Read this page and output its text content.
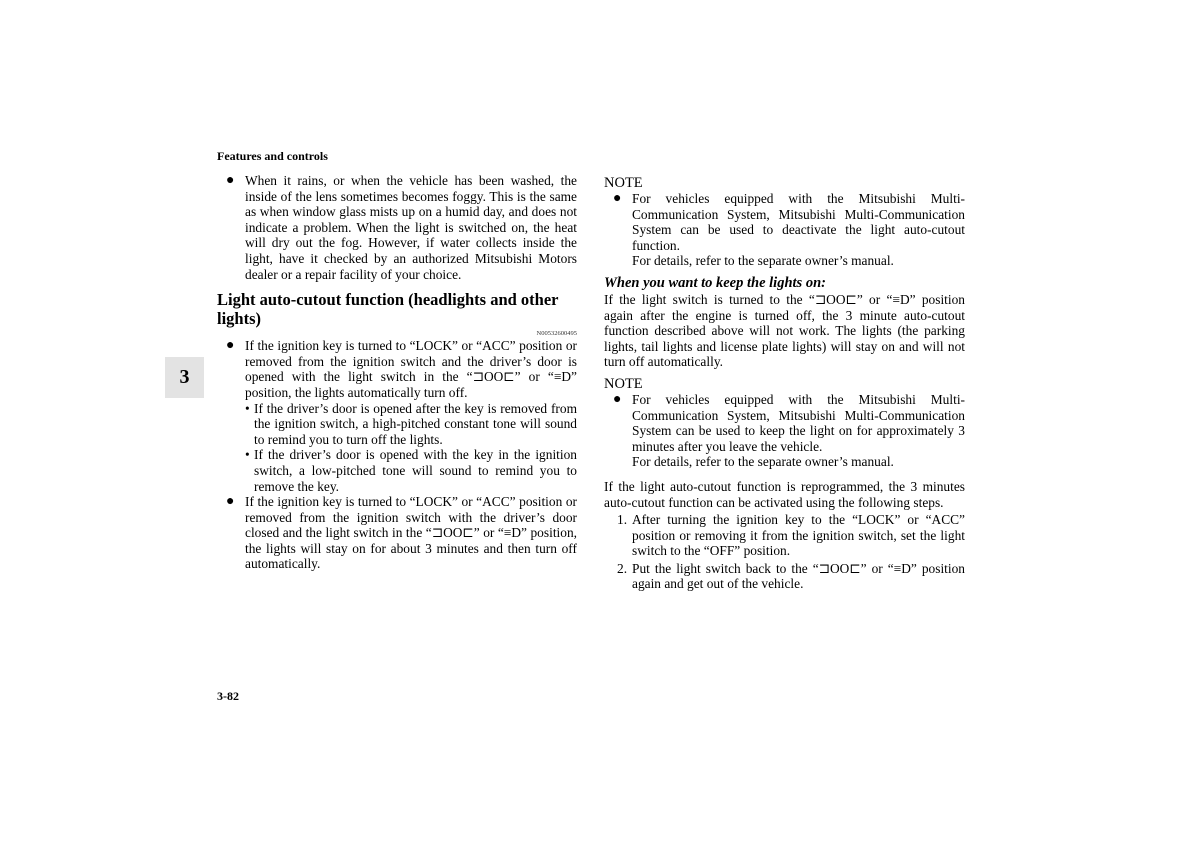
Features and controls
3
● When it rains, or when the vehicle has been washed, the inside of the lens sometimes becomes foggy. This is the same as when window glass mists up on a humid day, and does not indicate a problem. When the light is switched on, the heat will dry out the fog. However, if water collects inside the light, have it checked by an authorized Mitsubishi Motors dealer or a repair facility of your choice.
Light auto-cutout function (headlights and other lights)
N00532600495
● If the ignition key is turned to “LOCK” or “ACC” position or removed from the ignition switch and the driver’s door is opened with the light switch in the “⊐OO⊏” or “≡D” position, the lights automatically turn off.
• If the driver’s door is opened after the key is removed from the ignition switch, a high-pitched constant tone will sound to remind you to turn off the lights.
• If the driver’s door is opened with the key in the ignition switch, a low-pitched tone will sound to remind you to remove the key.
● If the ignition key is turned to “LOCK” or “ACC” position or removed from the ignition switch with the driver’s door closed and the light switch in the “⊐OO⊏” or “≡D” position, the lights will stay on for about 3 minutes and then turn off automatically.
NOTE
● For vehicles equipped with the Mitsubishi Multi-Communication System, Mitsubishi Multi-Communication System can be used to deactivate the light auto-cutout function.
For details, refer to the separate owner’s manual.
When you want to keep the lights on:
If the light switch is turned to the “⊐OO⊏” or “≡D” position again after the engine is turned off, the 3 minute auto-cutout function described above will not work. The lights (the parking lights, tail lights and license plate lights) will stay on and will not turn off automatically.
NOTE
● For vehicles equipped with the Mitsubishi Multi-Communication System, Mitsubishi Multi-Communication System can be used to keep the light on for approximately 3 minutes after you leave the vehicle.
For details, refer to the separate owner’s manual.
If the light auto-cutout function is reprogrammed, the 3 minutes auto-cutout function can be activated using the following steps.
1. After turning the ignition key to the “LOCK” or “ACC” position or removing it from the ignition switch, set the light switch to the “OFF” position.
2. Put the light switch back to the “⊐OO⊏” or “≡D” position again and get out of the vehicle.
3-82
